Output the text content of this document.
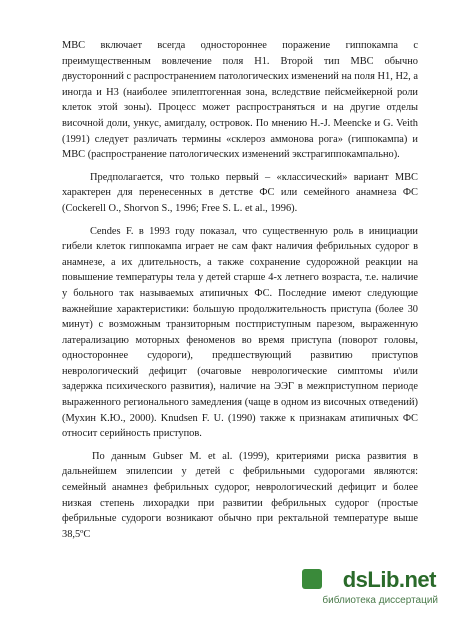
МВС включает всегда одностороннее поражение гиппокампа с преимущественным вовлечение поля Н1. Второй тип МВС обычно двусторонний с распространением патологических изменений на поля Н1, Н2, а иногда и Н3 (наиболее эпилептогенная зона, вследствие пейсмейкерной роли клеток этой зоны). Процесс может распространяться и на другие отделы височной доли, ункус, амигдалу, островок. По мнению H.-J. Meencke и G. Veith (1991) следует различать термины «склероз аммонова рога» (гиппокампа) и МВС (распространение патологических изменений экстрагиппокампально).

Предполагается, что только первый – «классический» вариант МВС характерен для перенесенных в детстве ФС или семейного анамнеза ФС (Cockerell O., Shorvon S., 1996; Free S. L. et al., 1996).

Cendes F. в 1993 году показал, что существенную роль в инициации гибели клеток гиппокампа играет не сам факт наличия фебрильных судорог в анамнезе, а их длительность, а также сохранение судорожной реакции на повышение температуры тела у детей старше 4-х летнего возраста, т.е. наличие у больного так называемых атипичных ФС. Последние имеют следующие важнейшие характеристики: большую продолжительность приступа (более 30 минут) с возможным транзиторным постприступным парезом, выраженную латерализацию моторных феноменов во время приступа (поворот головы, одностороннее судороги), предшествующий развитию приступов неврологический дефицит (очаговые неврологические симптомы и\или задержка психического развития), наличие на ЭЭГ в межприступном периоде выраженного регионального замедления (чаще в одном из височных отведений) (Мухин К.Ю., 2000). Knudsen F. U. (1990) также к признакам атипичных ФС относит серийность приступов.

По данным Gubser M. et al. (1999), критериями риска развития в дальнейшем эпилепсии у детей с фебрильными судорогами являются: семейный анамнез фебрильных судорог, неврологический дефицит и более низкая степень лихорадки при развитии фебрильных судорог (простые фебрильные судороги возникают обычно при ректальной температуре выше 38,5ºС

dsLib.net
библиотека диссертаций
